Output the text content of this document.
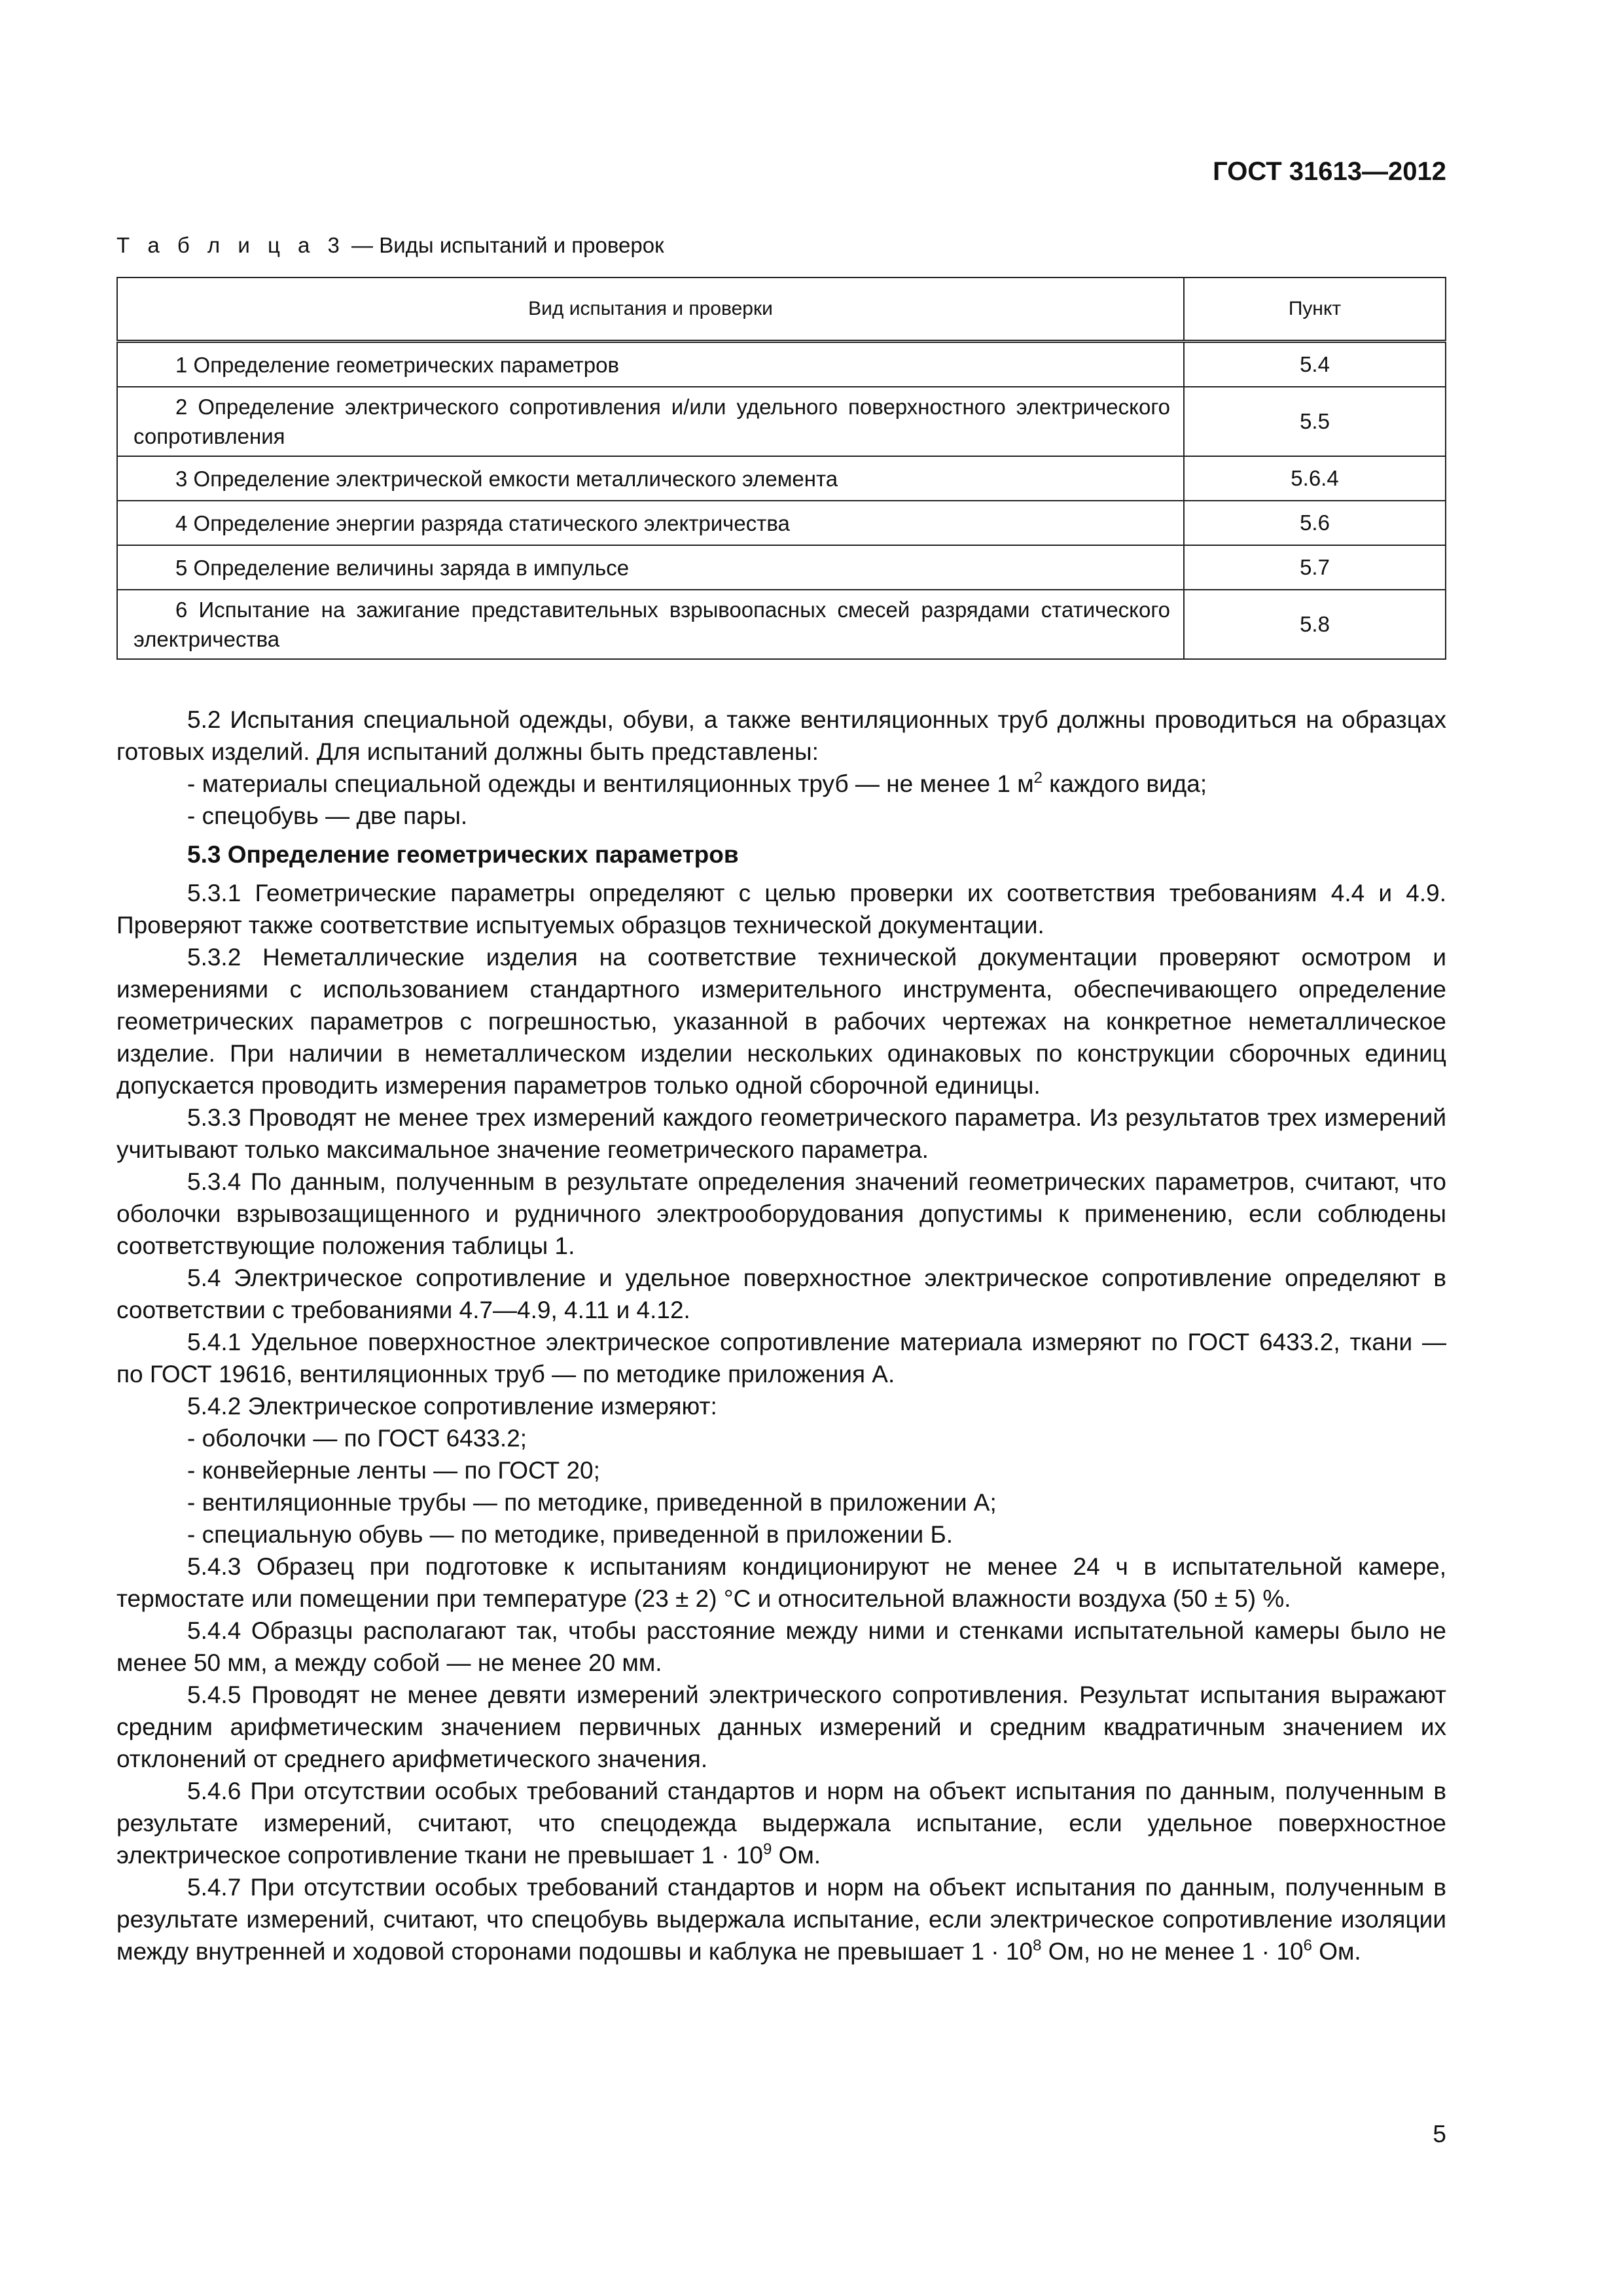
ГОСТ 31613—2012
Т а б л и ц а 3 — Виды испытаний и проверок
Вид испытания и проверки	Пункт
1 Определение геометрических параметров	5.4
2 Определение электрического сопротивления и/или удельного поверхностного электрического сопротивления	5.5
3 Определение электрической емкости металлического элемента	5.6.4
4 Определение энергии разряда статического электричества	5.6
5 Определение величины заряда в импульсе	5.7
6 Испытание на зажигание представительных взрывоопасных смесей разрядами статического электричества	5.8

5.2 Испытания специальной одежды, обуви, а также вентиляционных труб должны проводиться на образцах готовых изделий. Для испытаний должны быть представлены:

- материалы специальной одежды и вентиляционных труб — не менее 1 $м^2$ каждого вида;

- спецобувь — две пары.

5.3 Определение геометрических параметров

5.3.1 Геометрические параметры определяют с целью проверки их соответствия требованиям 4.4 и 4.9. Проверяют также соответствие испытуемых образцов технической документации.

5.3.2 Неметаллические изделия на соответствие технической документации проверяют осмотром и измерениями с использованием стандартного измерительного инструмента, обеспечивающего определение геометрических параметров с погрешностью, указанной в рабочих чертежах на конкретное неметаллическое изделие. При наличии в неметаллическом изделии нескольких одинаковых по конструкции сборочных единиц допускается проводить измерения параметров только одной сборочной единицы.

5.3.3 Проводят не менее трех измерений каждого геометрического параметра. Из результатов трех измерений учитывают только максимальное значение геометрического параметра.

5.3.4 По данным, полученным в результате определения значений геометрических параметров, считают, что оболочки взрывозащищенного и рудничного электрооборудования допустимы к применению, если соблюдены соответствующие положения таблицы 1.

5.4 Электрическое сопротивление и удельное поверхностное электрическое сопротивление определяют в соответствии с требованиями 4.7—4.9, 4.11 и 4.12.

5.4.1 Удельное поверхностное электрическое сопротивление материала измеряют по ГОСТ 6433.2, ткани — по ГОСТ 19616, вентиляционных труб — по методике приложения А.

5.4.2 Электрическое сопротивление измеряют:

- оболочки — по ГОСТ 6433.2;

- конвейерные ленты — по ГОСТ 20;

- вентиляционные трубы — по методике, приведенной в приложении А;

- специальную обувь — по методике, приведенной в приложении Б.

5.4.3 Образец при подготовке к испытаниям кондиционируют не менее 24 ч в испытательной камере, термостате или помещении при температуре (23 ± 2) °С и относительной влажности воздуха (50 ± 5) %.

5.4.4 Образцы располагают так, чтобы расстояние между ними и стенками испытательной камеры было не менее 50 мм, а между собой — не менее 20 мм.

5.4.5 Проводят не менее девяти измерений электрического сопротивления. Результат испытания выражают средним арифметическим значением первичных данных измерений и средним квадратичным значением их отклонений от среднего арифметического значения.

5.4.6 При отсутствии особых требований стандартов и норм на объект испытания по данным, полученным в результате измерений, считают, что спецодежда выдержала испытание, если удельное поверхностное электрическое сопротивление ткани не превышает $1 \cdot 10^9$ Ом.

5.4.7 При отсутствии особых требований стандартов и норм на объект испытания по данным, полученным в результате измерений, считают, что спецобувь выдержала испытание, если электрическое сопротивление изоляции между внутренней и ходовой сторонами подошвы и каблука не превышает $1 \cdot 10^8$ Ом, но не менее $1 \cdot 10^6$ Ом.

5
